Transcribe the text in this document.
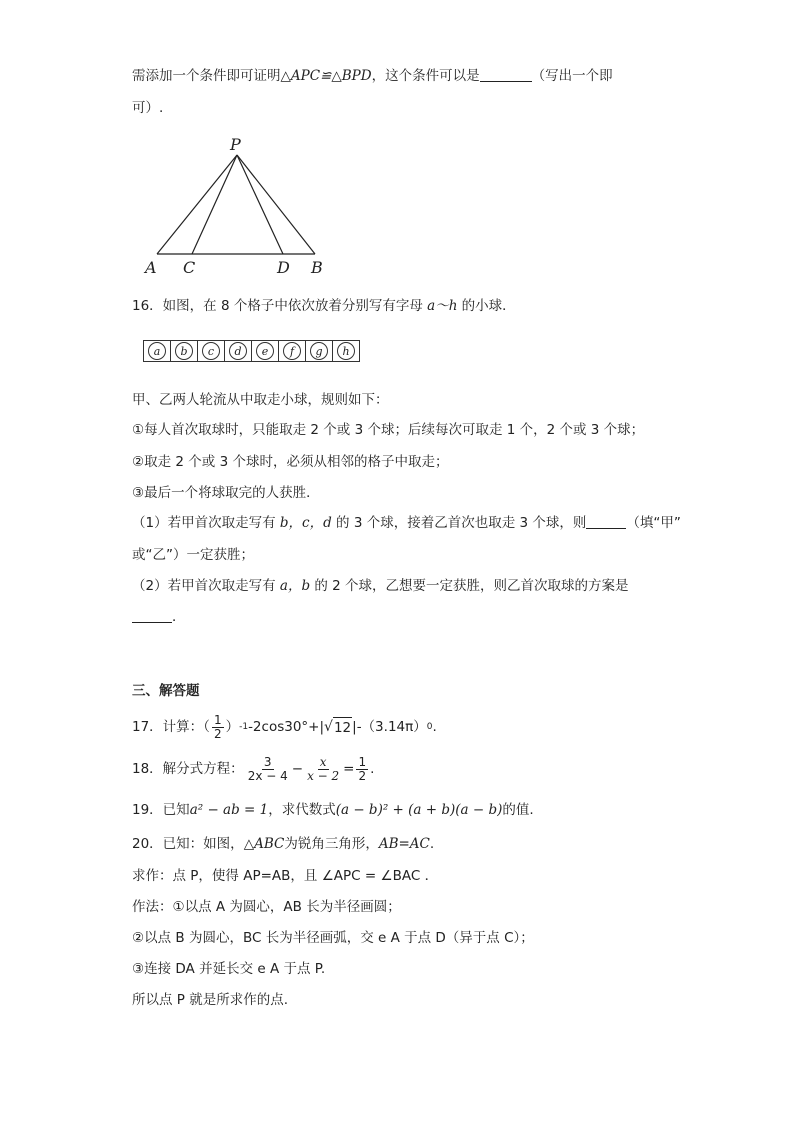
需添加一个条件即可证明△APC≌△BPD，这个条件可以是	（写出一个即
可）.
P
A C	D B
16．如图，在 8 个格子中依次放着分别写有字母 a～h 的小球．
a	b	c	d	e	f	g	h
甲、乙两人轮流从中取走小球，规则如下：
①每人首次取球时，只能取走 2 个或 3 个球；后续每次可取走 1 个，2 个或 3 个球；
②取走 2 个或 3 个球时，必须从相邻的格子中取走；
③最后一个将球取完的人获胜．
（1）若甲首次取走写有 b，c，d 的 3 个球，接着乙首次也取走 3 个球，则	（填“甲”
或“乙”）一定获胜；
（2）若甲首次取走写有 a，b 的 2 个球，乙想要一定获胜，则乙首次取球的方案是
．
三、解答题
17．计算：（ $\frac{1}{2}$ ） -1 -2cos30°+| √ 12 |-（3.14π） 0 .
18．解分式方程： $\frac{3}{2x - 4} - \frac{x}{x - 2} = \frac{1}{2}$ .
19．已知a² − ab = 1，求代数式(a − b)² + (a + b)(a − b)的值.
20．已知：如图，△ABC为锐角三角形，AB=AC.
求作：点 P，使得 AP=AB，且 ∠APC = ∠BAC ．
作法：①以点 A 为圆心，AB 长为半径画圆；
②以点 B 为圆心，BC 长为半径画弧，交 e A 于点 D（异于点 C）；
③连接 DA 并延长交 e A 于点 P.
所以点 P 就是所求作的点.
